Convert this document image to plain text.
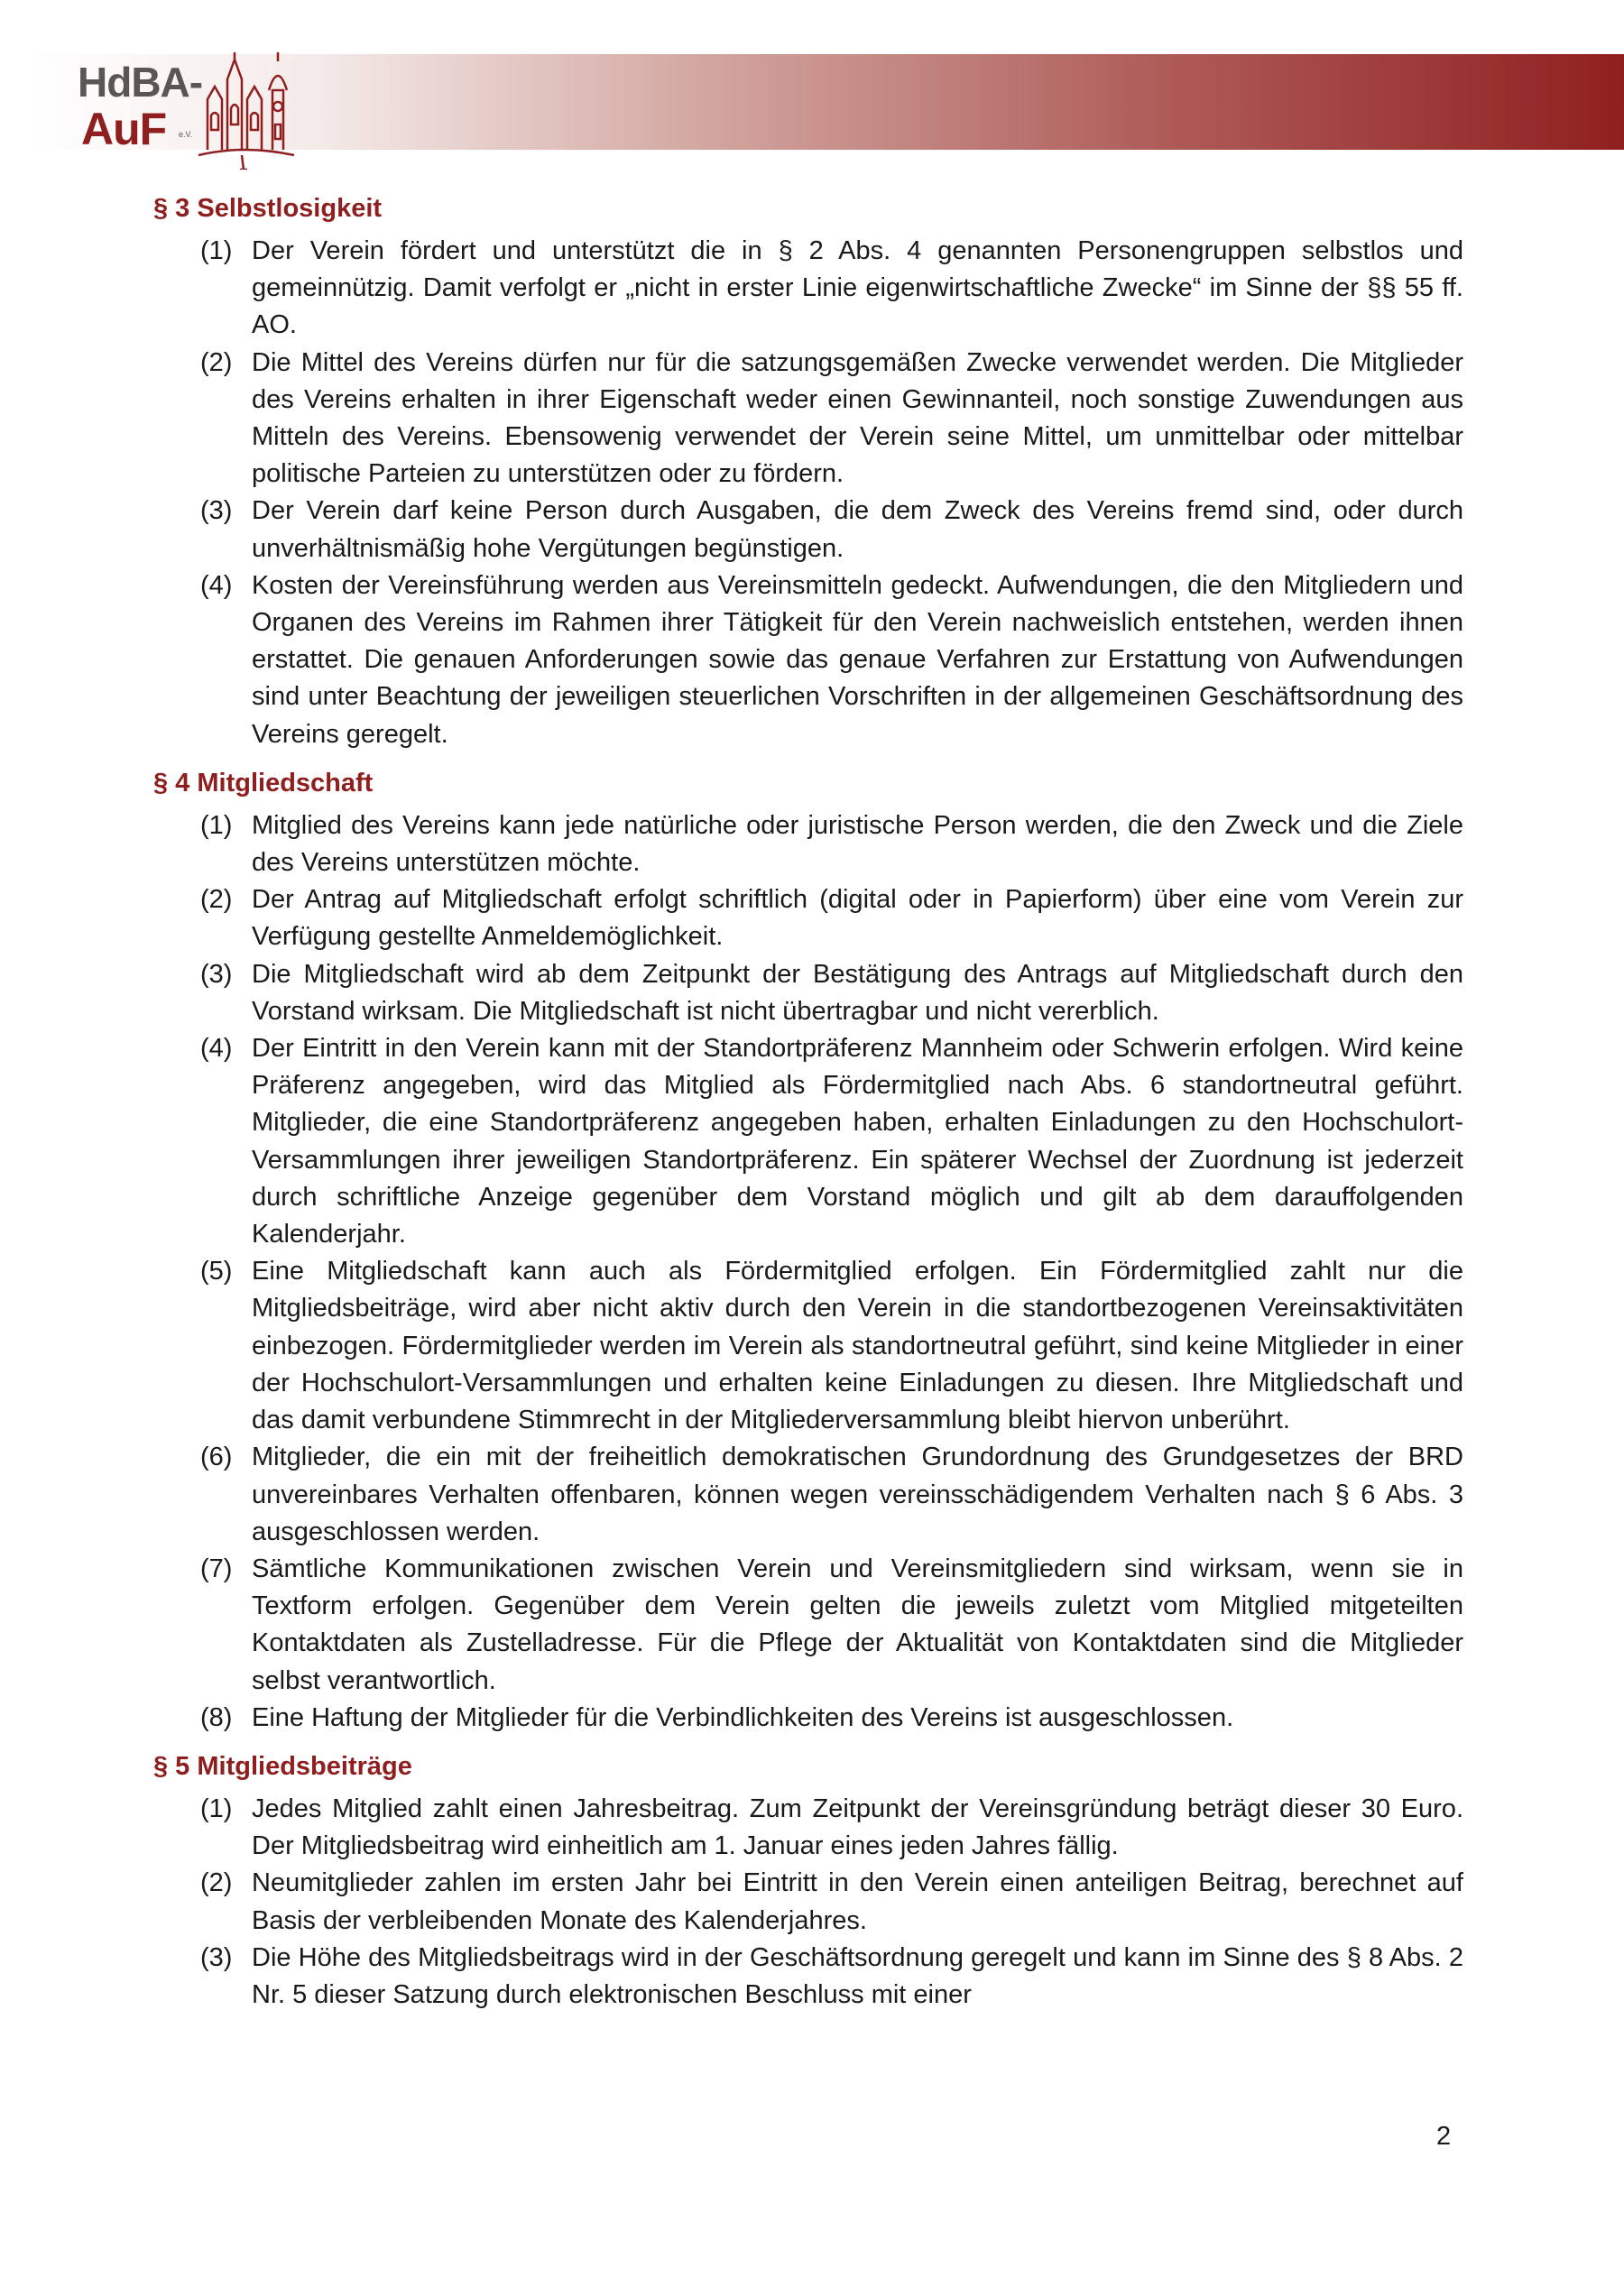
HdBA-
AuF e.V.
§ 3 Selbstlosigkeit
(1) Der Verein fördert und unterstützt die in § 2 Abs. 4 genannten Personengruppen selbstlos und gemeinnützig. Damit verfolgt er „nicht in erster Linie eigenwirtschaftliche Zwecke“ im Sinne der §§ 55 ff. AO.
(2) Die Mittel des Vereins dürfen nur für die satzungsgemäßen Zwecke verwendet werden. Die Mitglieder des Vereins erhalten in ihrer Eigenschaft weder einen Gewinnanteil, noch sonstige Zuwendungen aus Mitteln des Vereins. Ebensowenig verwendet der Verein seine Mittel, um unmittelbar oder mittelbar politische Parteien zu unterstützen oder zu fördern.
(3) Der Verein darf keine Person durch Ausgaben, die dem Zweck des Vereins fremd sind, oder durch unverhältnismäßig hohe Vergütungen begünstigen.
(4) Kosten der Vereinsführung werden aus Vereinsmitteln gedeckt. Aufwendungen, die den Mitgliedern und Organen des Vereins im Rahmen ihrer Tätigkeit für den Verein nachweislich entstehen, werden ihnen erstattet. Die genauen Anforderungen sowie das genaue Verfahren zur Erstattung von Aufwendungen sind unter Beachtung der jeweiligen steuerlichen Vorschriften in der allgemeinen Geschäftsordnung des Vereins geregelt.
§ 4 Mitgliedschaft
(1) Mitglied des Vereins kann jede natürliche oder juristische Person werden, die den Zweck und die Ziele des Vereins unterstützen möchte.
(2) Der Antrag auf Mitgliedschaft erfolgt schriftlich (digital oder in Papierform) über eine vom Verein zur Verfügung gestellte Anmeldemöglichkeit.
(3) Die Mitgliedschaft wird ab dem Zeitpunkt der Bestätigung des Antrags auf Mitgliedschaft durch den Vorstand wirksam. Die Mitgliedschaft ist nicht übertragbar und nicht vererblich.
(4) Der Eintritt in den Verein kann mit der Standortpräferenz Mannheim oder Schwerin erfolgen. Wird keine Präferenz angegeben, wird das Mitglied als Fördermitglied nach Abs. 6 standortneutral geführt. Mitglieder, die eine Standortpräferenz angegeben haben, erhalten Einladungen zu den Hochschulort-Versammlungen ihrer jeweiligen Standortpräferenz. Ein späterer Wechsel der Zuordnung ist jederzeit durch schriftliche Anzeige gegenüber dem Vorstand möglich und gilt ab dem darauffolgenden Kalenderjahr.
(5) Eine Mitgliedschaft kann auch als Fördermitglied erfolgen. Ein Fördermitglied zahlt nur die Mitgliedsbeiträge, wird aber nicht aktiv durch den Verein in die standortbezogenen Vereinsaktivitäten einbezogen. Fördermitglieder werden im Verein als standortneutral geführt, sind keine Mitglieder in einer der Hochschulort-Versammlungen und erhalten keine Einladungen zu diesen. Ihre Mitgliedschaft und das damit verbundene Stimmrecht in der Mitgliederversammlung bleibt hiervon unberührt.
(6) Mitglieder, die ein mit der freiheitlich demokratischen Grundordnung des Grundgesetzes der BRD unvereinbares Verhalten offenbaren, können wegen vereinsschädigendem Verhalten nach § 6 Abs. 3 ausgeschlossen werden.
(7) Sämtliche Kommunikationen zwischen Verein und Vereinsmitgliedern sind wirksam, wenn sie in Textform erfolgen. Gegenüber dem Verein gelten die jeweils zuletzt vom Mitglied mitgeteilten Kontaktdaten als Zustelladresse. Für die Pflege der Aktualität von Kontaktdaten sind die Mitglieder selbst verantwortlich.
(8) Eine Haftung der Mitglieder für die Verbindlichkeiten des Vereins ist ausgeschlossen.
§ 5 Mitgliedsbeiträge
(1) Jedes Mitglied zahlt einen Jahresbeitrag. Zum Zeitpunkt der Vereinsgründung beträgt dieser 30 Euro. Der Mitgliedsbeitrag wird einheitlich am 1. Januar eines jeden Jahres fällig.
(2) Neumitglieder zahlen im ersten Jahr bei Eintritt in den Verein einen anteiligen Beitrag, berechnet auf Basis der verbleibenden Monate des Kalenderjahres.
(3) Die Höhe des Mitgliedsbeitrags wird in der Geschäftsordnung geregelt und kann im Sinne des § 8 Abs. 2 Nr. 5 dieser Satzung durch elektronischen Beschluss mit einer
2
